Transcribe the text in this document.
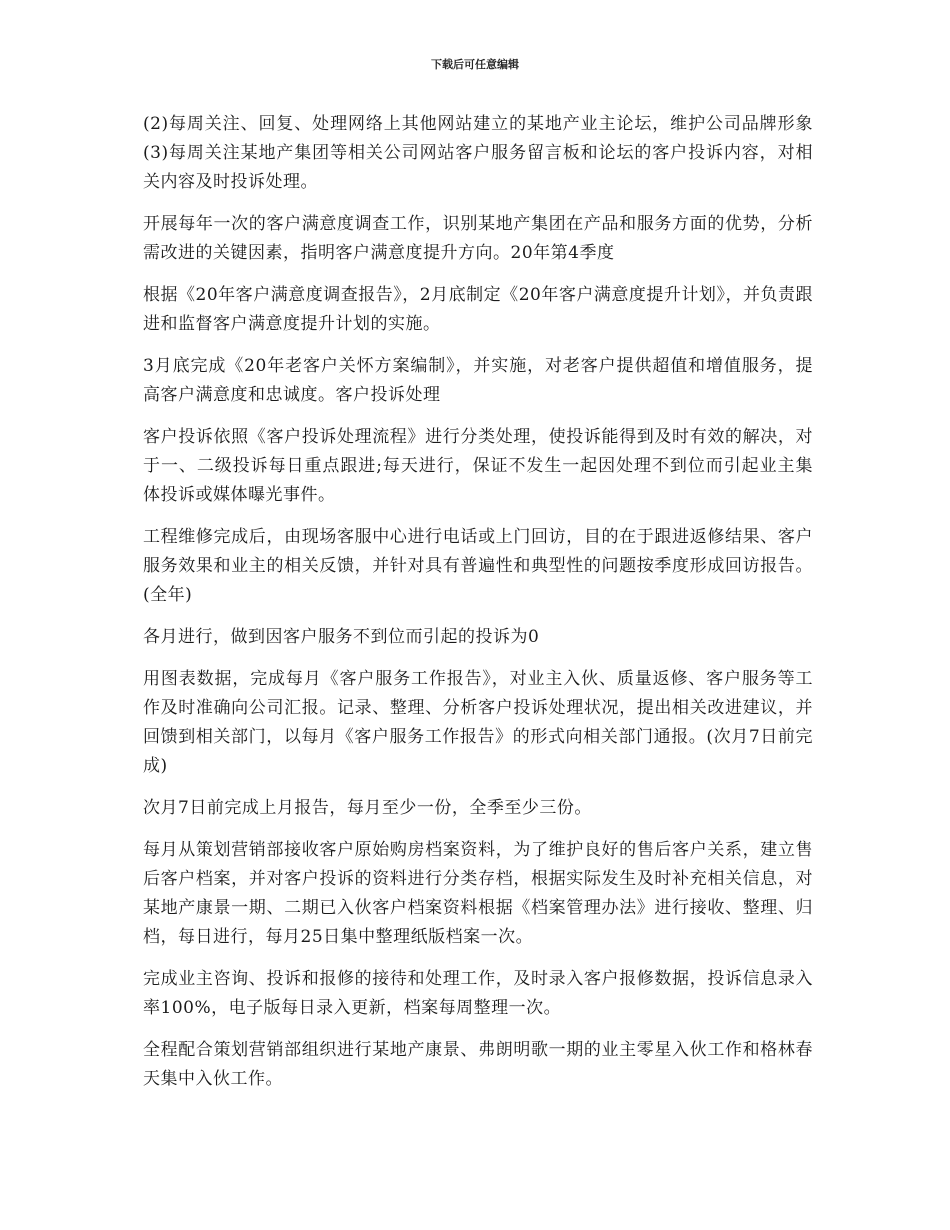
下载后可任意编辑

(2)每周关注、回复、处理网络上其他网站建立的某地产业主论坛，维护公司品牌形象(3)每周关注某地产集团等相关公司网站客户服务留言板和论坛的客户投诉内容，对相关内容及时投诉处理。

开展每年一次的客户满意度调查工作，识别某地产集团在产品和服务方面的优势，分析需改进的关键因素，指明客户满意度提升方向。20年第4季度

根据《20年客户满意度调查报告》，2月底制定《20年客户满意度提升计划》，并负责跟进和监督客户满意度提升计划的实施。

3月底完成《20年老客户关怀方案编制》，并实施，对老客户提供超值和增值服务，提高客户满意度和忠诚度。客户投诉处理

客户投诉依照《客户投诉处理流程》进行分类处理，使投诉能得到及时有效的解决，对于一、二级投诉每日重点跟进;每天进行，保证不发生一起因处理不到位而引起业主集体投诉或媒体曝光事件。

工程维修完成后，由现场客服中心进行电话或上门回访，目的在于跟进返修结果、客户服务效果和业主的相关反馈，并针对具有普遍性和典型性的问题按季度形成回访报告。(全年)

各月进行，做到因客户服务不到位而引起的投诉为0

用图表数据，完成每月《客户服务工作报告》，对业主入伙、质量返修、客户服务等工作及时准确向公司汇报。记录、整理、分析客户投诉处理状况，提出相关改进建议，并回馈到相关部门，以每月《客户服务工作报告》的形式向相关部门通报。(次月7日前完成)

次月7日前完成上月报告，每月至少一份，全季至少三份。

每月从策划营销部接收客户原始购房档案资料，为了维护良好的售后客户关系，建立售后客户档案，并对客户投诉的资料进行分类存档，根据实际发生及时补充相关信息，对某地产康景一期、二期已入伙客户档案资料根据《档案管理办法》进行接收、整理、归档，每日进行，每月25日集中整理纸版档案一次。

完成业主咨询、投诉和报修的接待和处理工作，及时录入客户报修数据，投诉信息录入率100%，电子版每日录入更新，档案每周整理一次。

全程配合策划营销部组织进行某地产康景、弗朗明歌一期的业主零星入伙工作和格林春天集中入伙工作。
